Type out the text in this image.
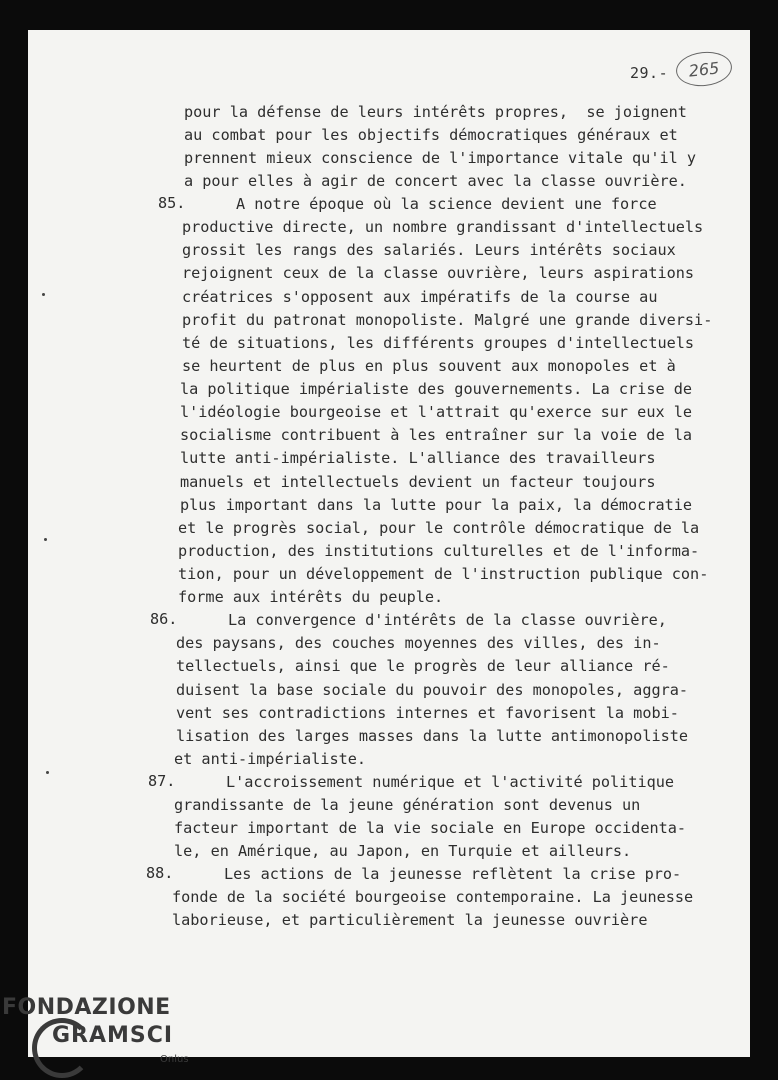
29.-	265
pour la défense de leurs intérêts propres,  se joignent
au combat pour les objectifs démocratiques généraux et
prennent mieux conscience de l'importance vitale qu'il y
a pour elles à agir de concert avec la classe ouvrière.
85.	A notre époque où la science devient une force
productive directe, un nombre grandissant d'intellectuels
grossit les rangs des salariés. Leurs intérêts sociaux
rejoignent ceux de la classe ouvrière, leurs aspirations
créatrices s'opposent aux impératifs de la course au
profit du patronat monopoliste. Malgré une grande diversi-
té de situations, les différents groupes d'intellectuels
se heurtent de plus en plus souvent aux monopoles et à
la politique impérialiste des gouvernements. La crise de
l'idéologie bourgeoise et l'attrait qu'exerce sur eux le
socialisme contribuent à les entraîner sur la voie de la
lutte anti-impérialiste. L'alliance des travailleurs
manuels et intellectuels devient un facteur toujours
plus important dans la lutte pour la paix, la démocratie
et le progrès social, pour le contrôle démocratique de la
production, des institutions culturelles et de l'informa-
tion, pour un développement de l'instruction publique con-
forme aux intérêts du peuple.
86.	La convergence d'intérêts de la classe ouvrière,
des paysans, des couches moyennes des villes, des in-
tellectuels, ainsi que le progrès de leur alliance ré-
duisent la base sociale du pouvoir des monopoles, aggra-
vent ses contradictions internes et favorisent la mobi-
lisation des larges masses dans la lutte antimonopoliste
et anti-impérialiste.
87.	L'accroissement numérique et l'activité politique
grandissante de la jeune génération sont devenus un
facteur important de la vie sociale en Europe occidenta-
le, en Amérique, au Japon, en Turquie et ailleurs.
88.	Les actions de la jeunesse reflètent la crise pro-
fonde de la société bourgeoise contemporaine. La jeunesse
laborieuse, et particulièrement la jeunesse ouvrière
FONDAZIONE
GRAMSCI
Onlus
